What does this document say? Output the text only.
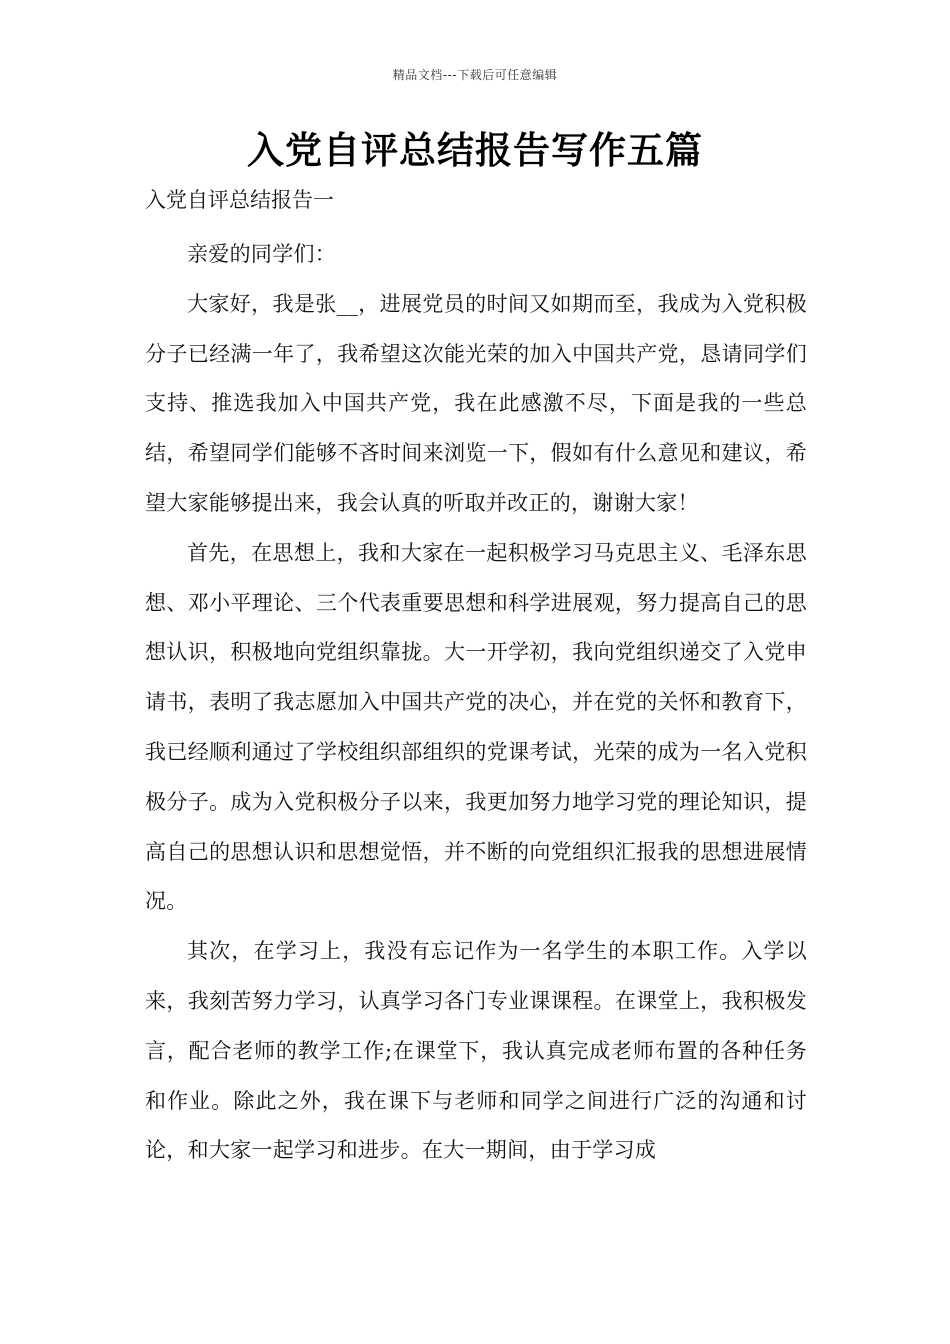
精品文档---下载后可任意编辑
入党自评总结报告写作五篇
入党自评总结报告一

亲爱的同学们：

大家好，我是张__，进展党员的时间又如期而至，我成为入党积极分子已经满一年了，我希望这次能光荣的加入中国共产党，恳请同学们支持、推选我加入中国共产党，我在此感激不尽，下面是我的一些总结，希望同学们能够不吝时间来浏览一下，假如有什么意见和建议，希望大家能够提出来，我会认真的听取并改正的，谢谢大家！

首先，在思想上，我和大家在一起积极学习马克思主义、毛泽东思想、邓小平理论、三个代表重要思想和科学进展观，努力提高自己的思想认识，积极地向党组织靠拢。大一开学初，我向党组织递交了入党申请书，表明了我志愿加入中国共产党的决心，并在党的关怀和教育下，我已经顺利通过了学校组织部组织的党课考试，光荣的成为一名入党积极分子。成为入党积极分子以来，我更加努力地学习党的理论知识，提高自己的思想认识和思想觉悟，并不断的向党组织汇报我的思想进展情况。

其次，在学习上，我没有忘记作为一名学生的本职工作。入学以来，我刻苦努力学习，认真学习各门专业课课程。在课堂上，我积极发言，配合老师的教学工作;在课堂下，我认真完成老师布置的各种任务和作业。除此之外，我在课下与老师和同学之间进行广泛的沟通和讨论，和大家一起学习和进步。在大一期间，由于学习成
